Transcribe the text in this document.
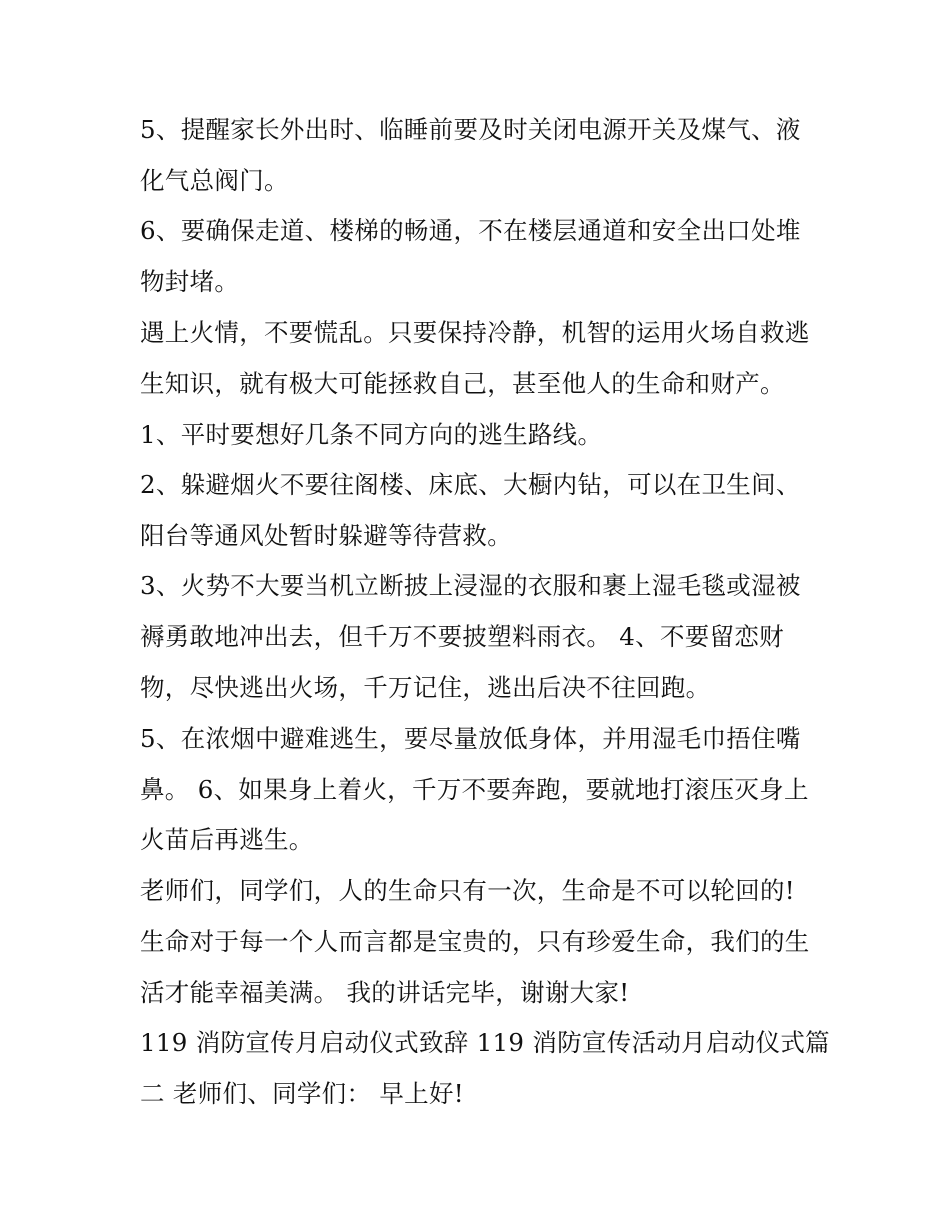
5、提醒家长外出时、临睡前要及时关闭电源开关及煤气、液
化气总阀门。
6、要确保走道、楼梯的畅通，不在楼层通道和安全出口处堆
物封堵。
遇上火情，不要慌乱。只要保持冷静，机智的运用火场自救逃
生知识，就有极大可能拯救自己，甚至他人的生命和财产。
1、平时要想好几条不同方向的逃生路线。
2、躲避烟火不要往阁楼、床底、大橱内钻，可以在卫生间、
阳台等通风处暂时躲避等待营救。
3、火势不大要当机立断披上浸湿的衣服和裹上湿毛毯或湿被
褥勇敢地冲出去，但千万不要披塑料雨衣。 4、不要留恋财
物，尽快逃出火场，千万记住，逃出后决不往回跑。
5、在浓烟中避难逃生，要尽量放低身体，并用湿毛巾捂住嘴
鼻。 6、如果身上着火，千万不要奔跑，要就地打滚压灭身上
火苗后再逃生。
老师们，同学们，人的生命只有一次，生命是不可以轮回的!
生命对于每一个人而言都是宝贵的，只有珍爱生命，我们的生
活才能幸福美满。 我的讲话完毕，谢谢大家!
119 消防宣传月启动仪式致辞 119 消防宣传活动月启动仪式篇
二 老师们、同学们： 早上好!
